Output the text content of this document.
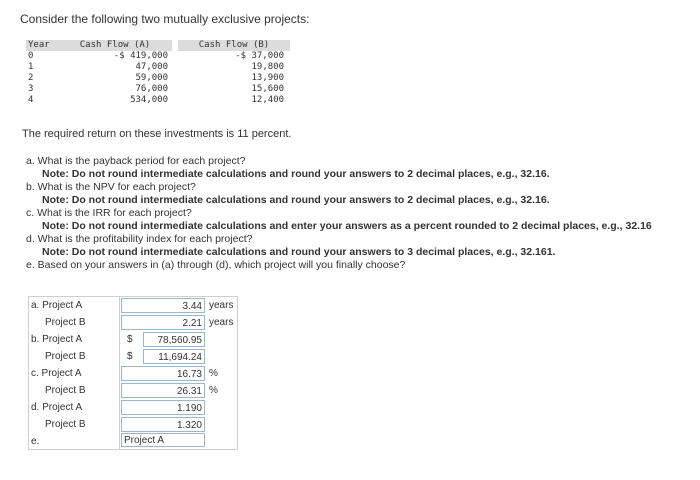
Consider the following two mutually exclusive projects:
Year	Cash Flow (A)		Cash Flow (B)
0	-$ 419,000		-$ 37,000
1	47,000		19,800
2	59,000		13,900
3	76,000		15,600
4	534,000		12,400
The required return on these investments is 11 percent.
a. What is the payback period for each project?
Note: Do not round intermediate calculations and round your answers to 2 decimal places, e.g., 32.16.
b. What is the NPV for each project?
Note: Do not round intermediate calculations and round your answers to 2 decimal places, e.g., 32.16.
c. What is the IRR for each project?
Note: Do not round intermediate calculations and enter your answers as a percent rounded to 2 decimal places, e.g., 32.16
d. What is the profitability index for each project?
Note: Do not round intermediate calculations and round your answers to 3 decimal places, e.g., 32.161.
e. Based on your answers in (a) through (d), which project will you finally choose?
a. Project A	3.44 years
Project B	2.21 years
b. Project A	$	78,560.95
Project B	$	11,694.24
c. Project A	16.73 %
Project B	26.31 %
d. Project A	1.190
Project B	1.320
e.	Project A
